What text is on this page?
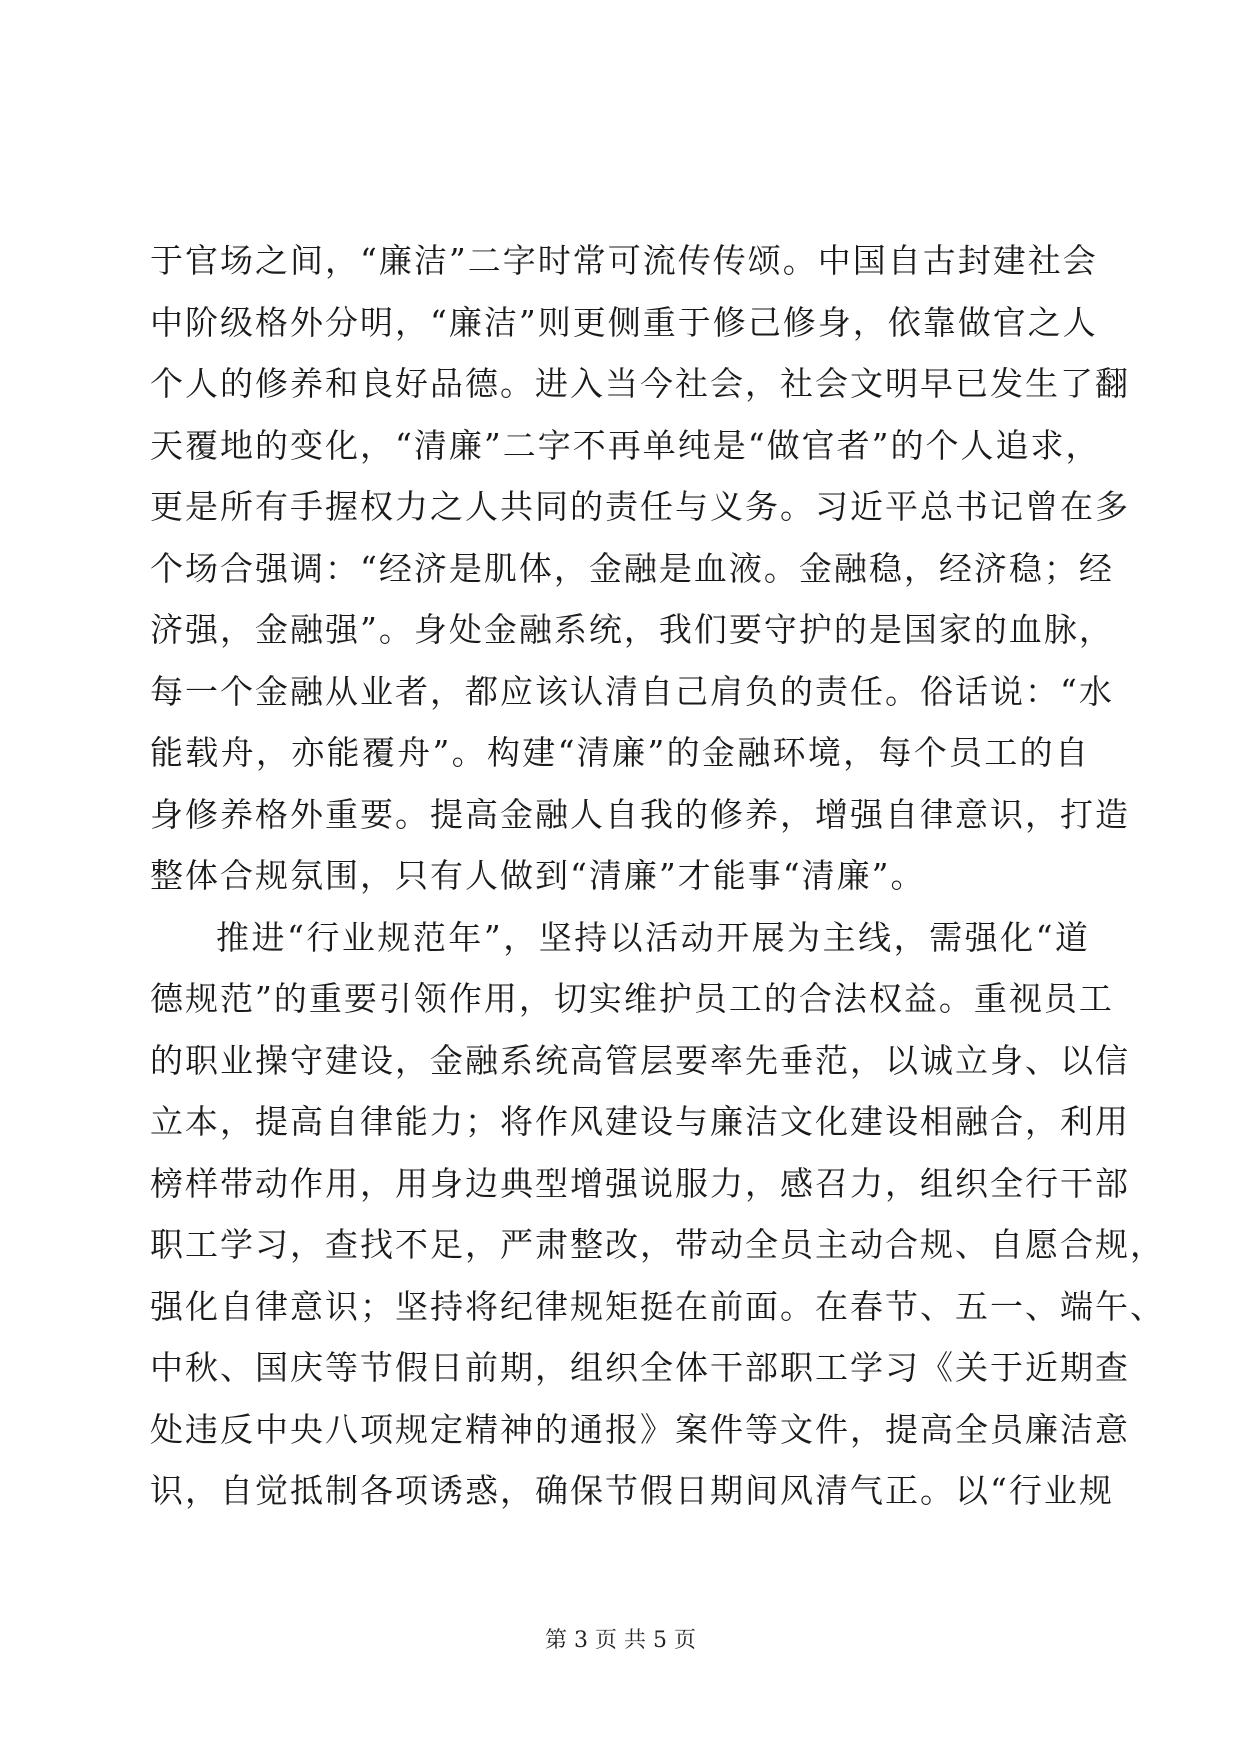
于官场之间，“廉洁”二字时常可流传传颂。中国自古封建社会
中阶级格外分明，“廉洁”则更侧重于修己修身，依靠做官之人
个人的修养和良好品德。进入当今社会，社会文明早已发生了翻
天覆地的变化，“清廉”二字不再单纯是“做官者”的个人追求，
更是所有手握权力之人共同的责任与义务。习近平总书记曾在多
个场合强调：“经济是肌体，金融是血液。金融稳，经济稳；经
济强，金融强”。身处金融系统，我们要守护的是国家的血脉，
每一个金融从业者，都应该认清自己肩负的责任。俗话说：“水
能载舟，亦能覆舟”。构建“清廉”的金融环境，每个员工的自
身修养格外重要。提高金融人自我的修养，增强自律意识，打造
整体合规氛围，只有人做到“清廉”才能事“清廉”。
推进“行业规范年”，坚持以活动开展为主线，需强化“道
德规范”的重要引领作用，切实维护员工的合法权益。重视员工
的职业操守建设，金融系统高管层要率先垂范，以诚立身、以信
立本，提高自律能力；将作风建设与廉洁文化建设相融合，利用
榜样带动作用，用身边典型增强说服力，感召力，组织全行干部
职工学习，查找不足，严肃整改，带动全员主动合规、自愿合规，
强化自律意识；坚持将纪律规矩挺在前面。在春节、五一、端午、
中秋、国庆等节假日前期，组织全体干部职工学习《关于近期查
处违反中央八项规定精神的通报》案件等文件，提高全员廉洁意
识，自觉抵制各项诱惑，确保节假日期间风清气正。以“行业规
第 3 页 共 5 页
